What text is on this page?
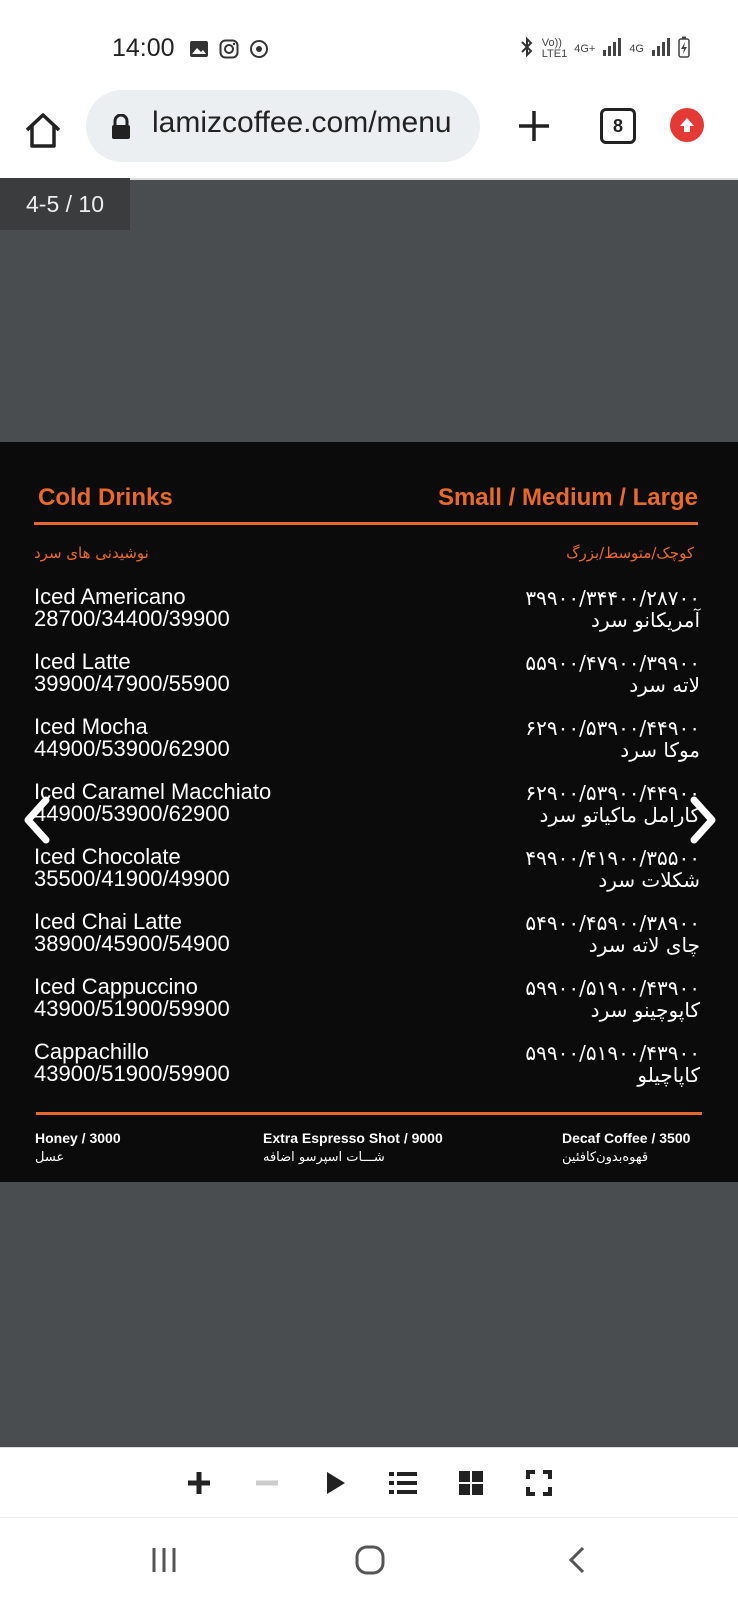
14:00	Vo))
LTE1 4G+	4G
lamizcoffee.com/menu	8
4-5 / 10
Cold Drinks	Small / Medium / Large
نوشیدنی های سرد	کوچک/متوسط/بزرگ
Iced Americano
28700/34400/39900
۳۹۹۰۰/۳۴۴۰۰/۲۸۷۰۰
آمریکانو سرد
Iced Latte
39900/47900/55900
۵۵۹۰۰/۴۷۹۰۰/۳۹۹۰۰
لاته سرد
Iced Mocha
44900/53900/62900
۶۲۹۰۰/۵۳۹۰۰/۴۴۹۰۰
موکا سرد
Iced Caramel Macchiato
44900/53900/62900
۶۲۹۰۰/۵۳۹۰۰/۴۴۹۰۰
کارامل ماکیاتو سرد
Iced Chocolate
35500/41900/49900
۴۹۹۰۰/۴۱۹۰۰/۳۵۵۰۰
شکلات سرد
Iced Chai Latte
38900/45900/54900
۵۴۹۰۰/۴۵۹۰۰/۳۸۹۰۰
چای لاته سرد
Iced Cappuccino
43900/51900/59900
۵۹۹۰۰/۵۱۹۰۰/۴۳۹۰۰
کاپوچینو سرد
Cappachillo
43900/51900/59900
۵۹۹۰۰/۵۱۹۰۰/۴۳۹۰۰
کاپاچیلو
Honey / 3000
عسل
Extra Espresso Shot / 9000
شـــات اسپرسو اضافه
Decaf Coffee / 3500
قهوه‌بدون‌کافئین
